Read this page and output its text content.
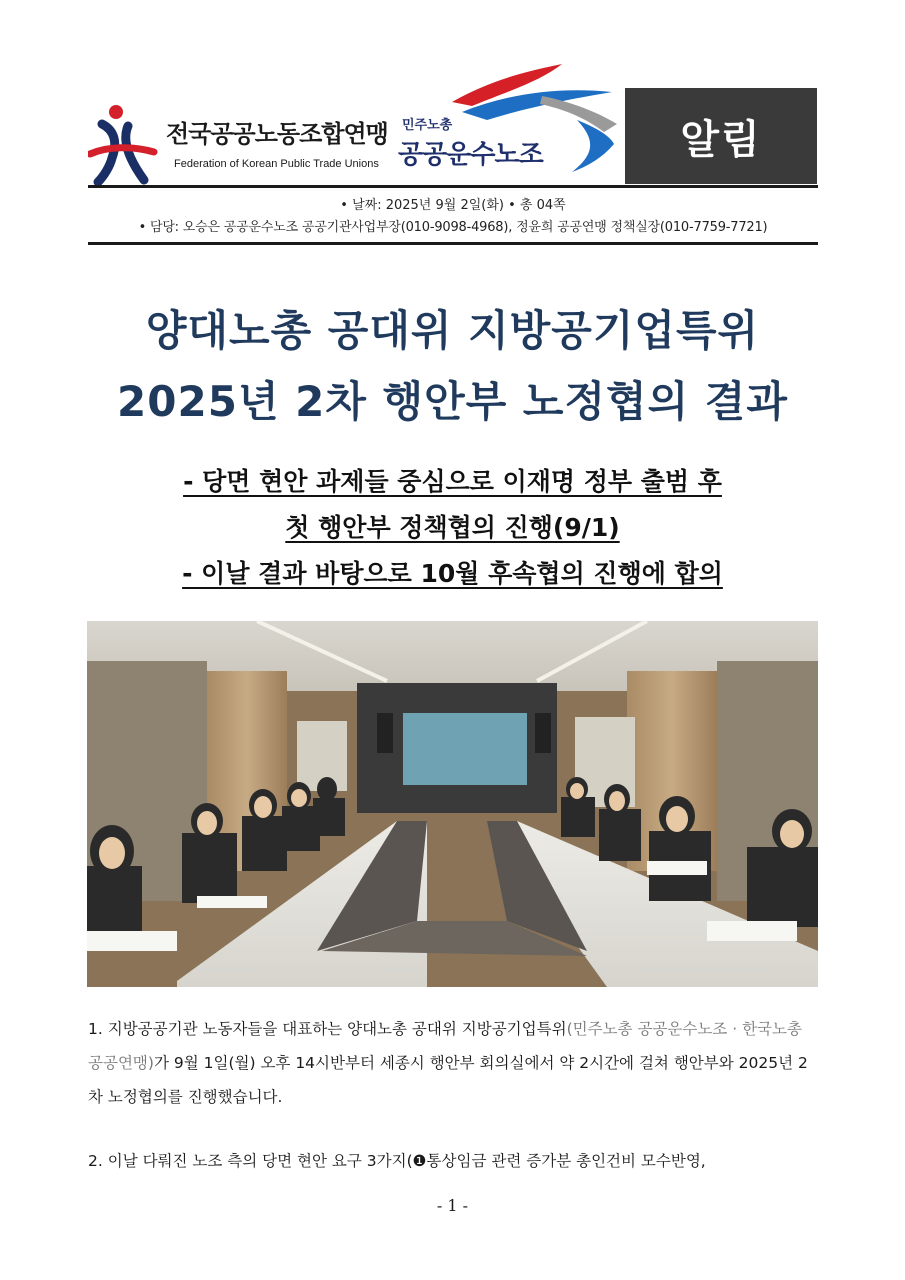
전국공공노동조합연맹
Federation of Korean Public Trade Unions
민주노총
공공운수노조	알림
• 날짜: 2025년 9월 2일(화) • 총 04쪽
• 담당: 오승은 공공운수노조 공공기관사업부장(010-9098-4968), 정윤희 공공연맹 정책실장(010-7759-7721)
양대노총 공대위 지방공기업특위
2025년 2차 행안부 노정협의 결과
- 당면 현안 과제들 중심으로 이재명 정부 출범 후
첫 행안부 정책협의 진행(9/1)
- 이날 결과 바탕으로 10월 후속협의 진행에 합의
1. 지방공공기관 노동자들을 대표하는 양대노총 공대위 지방공기업특위(민주노총 공공운수노조 · 한국노총 공공연맹)가 9월 1일(월) 오후 14시반부터 세종시 행안부 회의실에서 약 2시간에 걸쳐 행안부와 2025년 2차 노정협의를 진행했습니다.
2. 이날 다뤄진 노조 측의 당면 현안 요구 3가지(❶통상임금 관련 증가분 총인건비 모수반영,
- 1 -
